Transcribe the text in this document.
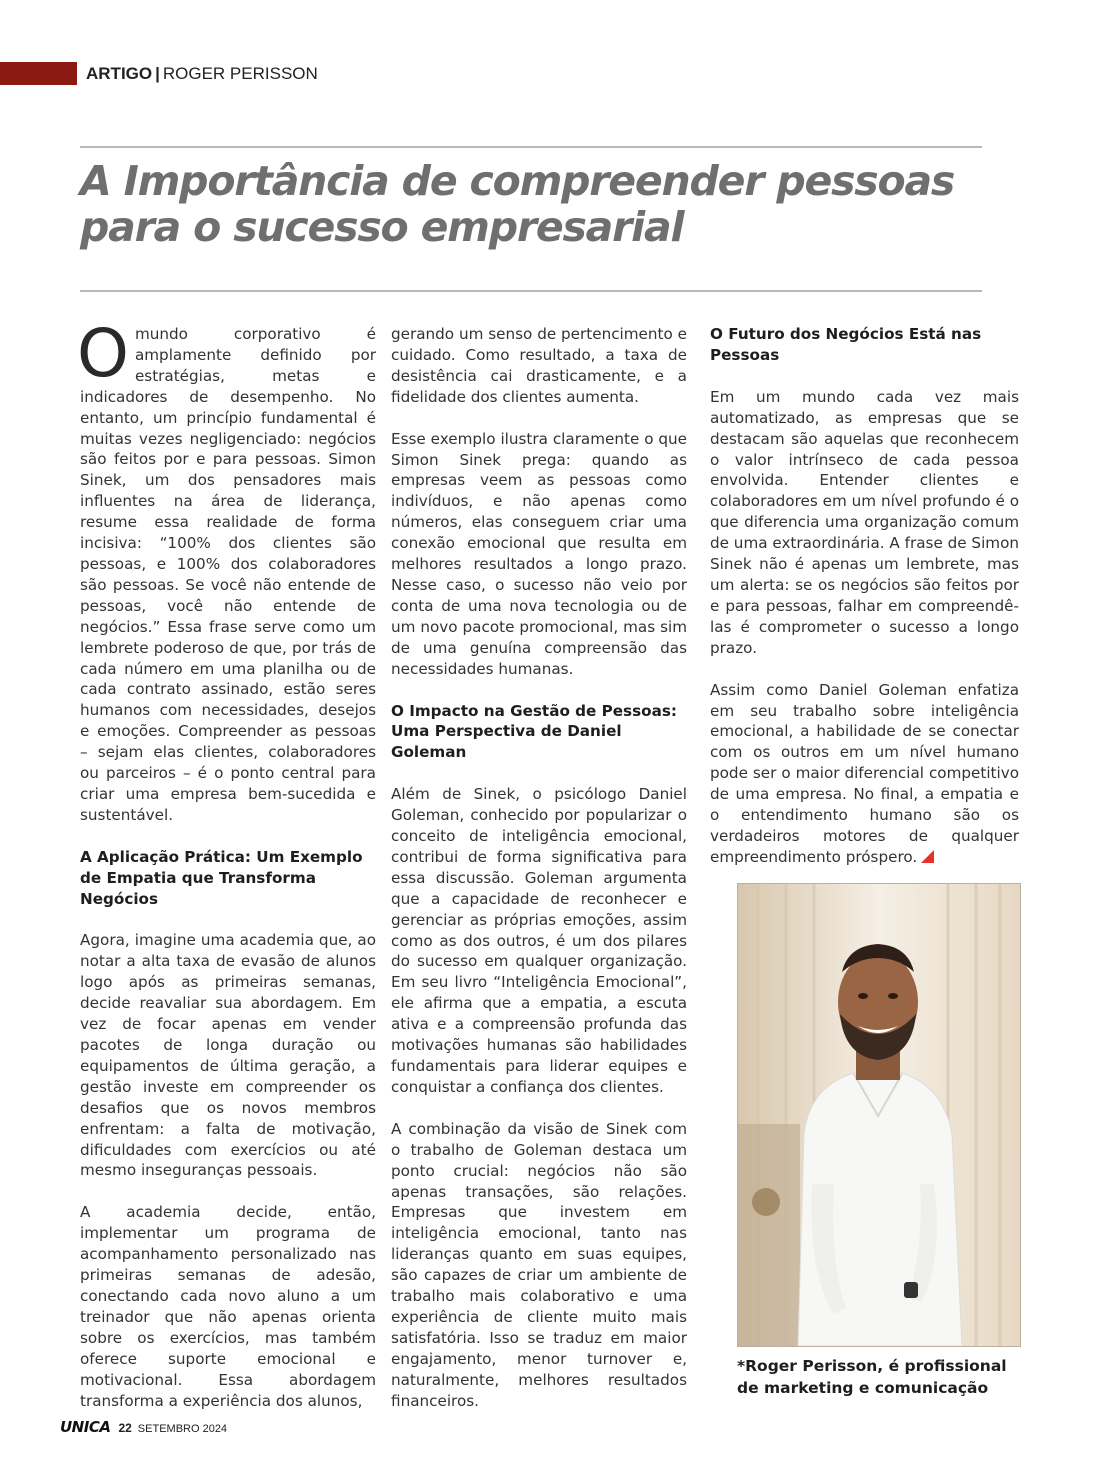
ARTIGO | ROGER PERISSON
A Importância de compreender pessoas para o sucesso empresarial

Omundo corporativo é amplamente definido por estratégias, metas e indicadores de desempenho. No entanto, um princípio fundamental é muitas vezes negligenciado: negócios são feitos por e para pessoas. Simon Sinek, um dos pensadores mais influentes na área de liderança, resume essa realidade de forma incisiva: “100% dos clientes são pessoas, e 100% dos colaboradores são pessoas. Se você não entende de pessoas, você não entende de negócios.” Essa frase serve como um lembrete poderoso de que, por trás de cada número em uma planilha ou de cada contrato assinado, estão seres humanos com necessidades, desejos e emoções. Compreender as pessoas – sejam elas clientes, colaboradores ou parceiros – é o ponto central para criar uma empresa bem-sucedida e sustentável.

A Aplicação Prática: Um Exemplo de Empatia que Transforma Negócios

Agora, imagine uma academia que, ao notar a alta taxa de evasão de alunos logo após as primeiras semanas, decide reavaliar sua abordagem. Em vez de focar apenas em vender pacotes de longa duração ou equipamentos de última geração, a gestão investe em compreender os desafios que os novos membros enfrentam: a falta de motivação, dificuldades com exercícios ou até mesmo inseguranças pessoais.

A academia decide, então, implementar um programa de acompanhamento personalizado nas primeiras semanas de adesão, conectando cada novo aluno a um treinador que não apenas orienta sobre os exercícios, mas também oferece suporte emocional e motivacional. Essa abordagem transforma a experiência dos alunos,

gerando um senso de pertencimento e cuidado. Como resultado, a taxa de desistência cai drasticamente, e a fidelidade dos clientes aumenta.

Esse exemplo ilustra claramente o que Simon Sinek prega: quando as empresas veem as pessoas como indivíduos, e não apenas como números, elas conseguem criar uma conexão emocional que resulta em melhores resultados a longo prazo. Nesse caso, o sucesso não veio por conta de uma nova tecnologia ou de um novo pacote promocional, mas sim de uma genuína compreensão das necessidades humanas.

O Impacto na Gestão de Pessoas: Uma Perspectiva de Daniel Goleman

Além de Sinek, o psicólogo Daniel Goleman, conhecido por popularizar o conceito de inteligência emocional, contribui de forma significativa para essa discussão. Goleman argumenta que a capacidade de reconhecer e gerenciar as próprias emoções, assim como as dos outros, é um dos pilares do sucesso em qualquer organização. Em seu livro “Inteligência Emocional”, ele afirma que a empatia, a escuta ativa e a compreensão profunda das motivações humanas são habilidades fundamentais para liderar equipes e conquistar a confiança dos clientes.

A combinação da visão de Sinek com o trabalho de Goleman destaca um ponto crucial: negócios não são apenas transações, são relações. Empresas que investem em inteligência emocional, tanto nas lideranças quanto em suas equipes, são capazes de criar um ambiente de trabalho mais colaborativo e uma experiência de cliente muito mais satisfatória. Isso se traduz em maior engajamento, menor turnover e, naturalmente, melhores resultados financeiros.

O Futuro dos Negócios Está nas Pessoas

Em um mundo cada vez mais automatizado, as empresas que se destacam são aquelas que reconhecem o valor intrínseco de cada pessoa envolvida. Entender clientes e colaboradores em um nível profundo é o que diferencia uma organização comum de uma extraordinária. A frase de Simon Sinek não é apenas um lembrete, mas um alerta: se os negócios são feitos por e para pessoas, falhar em compreendê-las é comprometer o sucesso a longo prazo.

Assim como Daniel Goleman enfatiza em seu trabalho sobre inteligência emocional, a habilidade de se conectar com os outros em um nível humano pode ser o maior diferencial competitivo de uma empresa. No final, a empatia e o entendimento humano são os verdadeiros motores de qualquer empreendimento próspero.

*Roger Perisson, é profissional de marketing e comunicação
UNICA 22 SETEMBRO 2024
